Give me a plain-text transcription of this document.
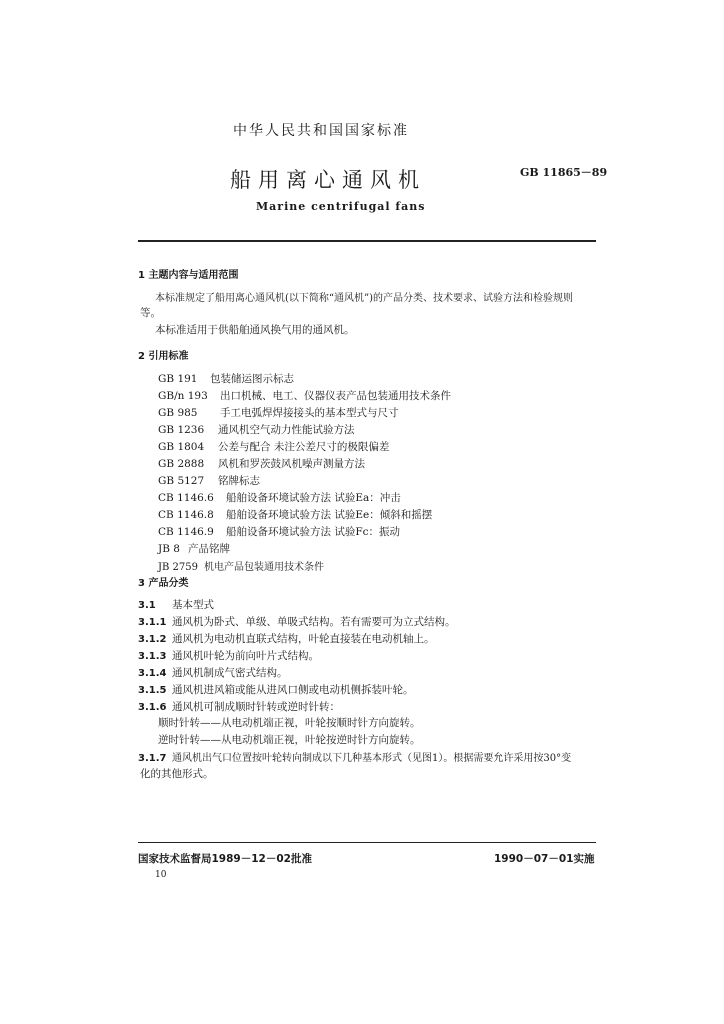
中华人民共和国国家标准
船用离心通风机	GB 11865－89
Marine centrifugal fans
1 主题内容与适用范围
本标准规定了船用离心通风机(以下简称“通风机”)的产品分类、技术要求、试验方法和检验规则
等。
本标准适用于供船舶通风换气用的通风机。
2 引用标准
GB 191 包装储运图示标志
GB/n 193 出口机械、电工、仪器仪表产品包装通用技术条件
GB 985 手工电弧焊焊接接头的基本型式与尺寸
GB 1236 通风机空气动力性能试验方法
GB 1804 公差与配合 未注公差尺寸的极限偏差
GB 2888 风机和罗茨鼓风机噪声测量方法
GB 5127 铭牌标志
CB 1146.6 船舶设备环境试验方法 试验Ea：冲击
CB 1146.8 船舶设备环境试验方法 试验Ee：倾斜和摇摆
CB 1146.9 船舶设备环境试验方法 试验Fc：振动
JB 8 产品铭牌
JB 2759 机电产品包装通用技术条件
3 产品分类
3.1 基本型式
3.1.1 通风机为卧式、单级、单吸式结构。若有需要可为立式结构。
3.1.2 通风机为电动机直联式结构，叶轮直接装在电动机轴上。
3.1.3 通风机叶轮为前向叶片式结构。
3.1.4 通风机制成气密式结构。
3.1.5 通风机进风箱或能从进风口侧或电动机侧拆装叶轮。
3.1.6 通风机可制成顺时针转或逆时针转：
顺时针转——从电动机端正视，叶轮按顺时针方向旋转。
逆时针转——从电动机端正视，叶轮按逆时针方向旋转。
3.1.7 通风机出气口位置按叶轮转向制成以下几种基本形式（见图1）。根据需要允许采用按30°变
化的其他形式。
国家技术监督局1989－12－02批准	1990－07－01实施
10
